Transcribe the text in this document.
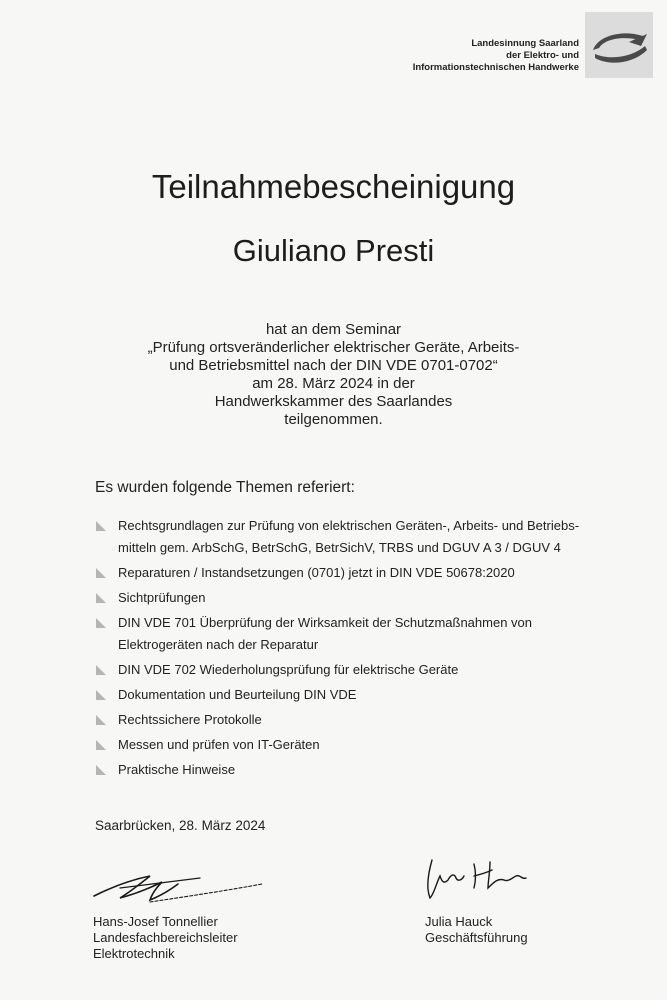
Landesinnung Saarland
der Elektro- und
Informationstechnischen Handwerke
Teilnahmebescheinigung
Giuliano Presti
hat an dem Seminar
„Prüfung ortsveränderlicher elektrischer Geräte, Arbeits-
und Betriebsmittel nach der DIN VDE 0701-0702“
am 28. März 2024 in der
Handwerkskammer des Saarlandes
teilgenommen.
Es wurden folgende Themen referiert:
Rechtsgrundlagen zur Prüfung von elektrischen Geräten-, Arbeits- und Betriebs-
mitteln gem. ArbSchG, BetrSchG, BetrSichV, TRBS und DGUV A 3 / DGUV 4
Reparaturen / Instandsetzungen (0701) jetzt in DIN VDE 50678:2020
Sichtprüfungen
DIN VDE 701 Überprüfung der Wirksamkeit der Schutzmaßnahmen von
Elektrogeräten nach der Reparatur
DIN VDE 702 Wiederholungsprüfung für elektrische Geräte
Dokumentation und Beurteilung DIN VDE
Rechtssichere Protokolle
Messen und prüfen von IT-Geräten
Praktische Hinweise
Saarbrücken, 28. März 2024
Hans-Josef Tonnellier
Landesfachbereichsleiter
Elektrotechnik
Julia Hauck
Geschäftsführung
